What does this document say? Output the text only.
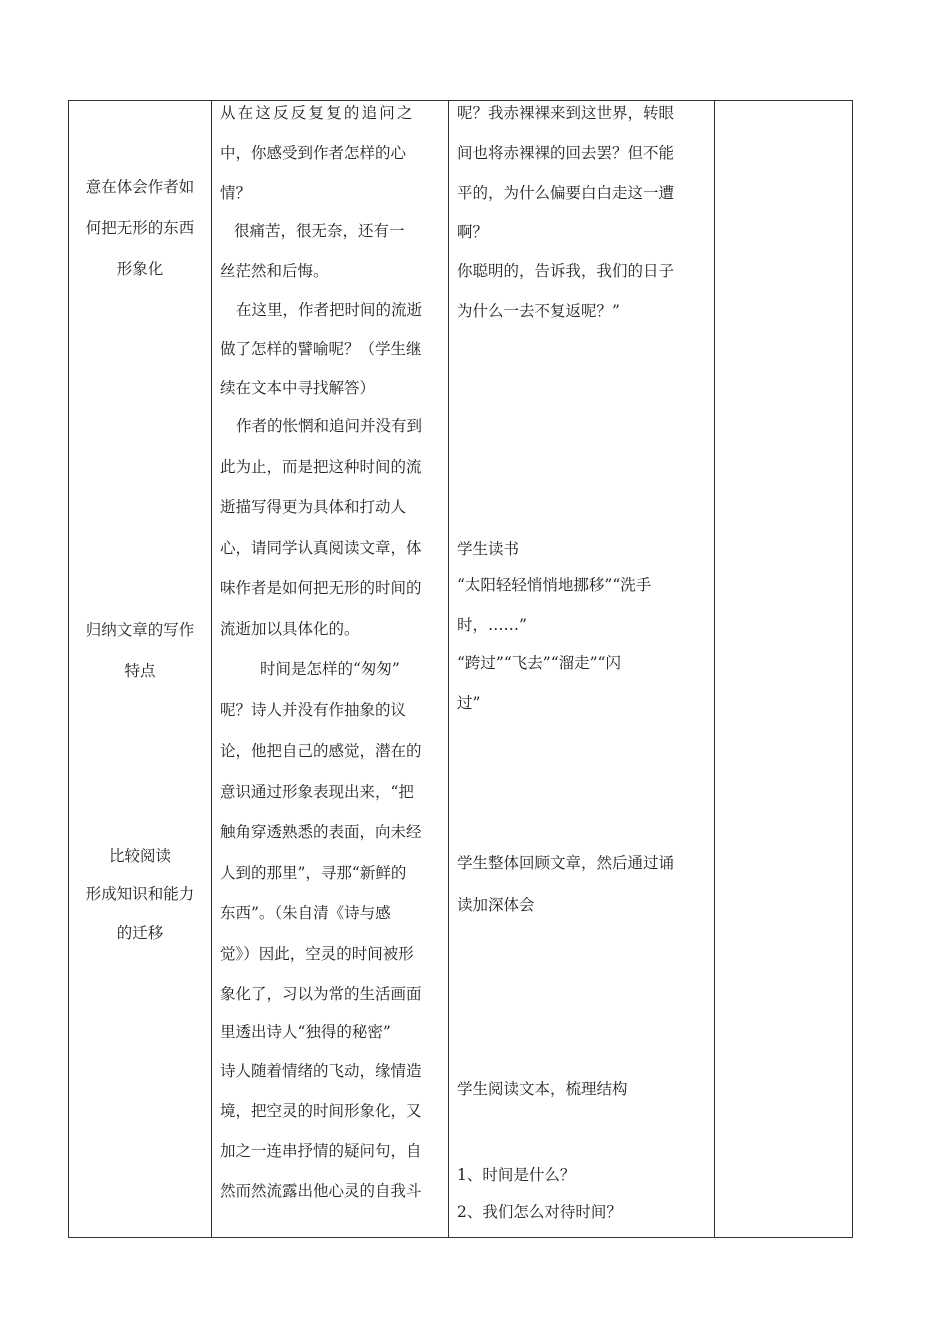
意在体会作者如
何把无形的东西
形象化
归纳文章的写作
特点
比较阅读
形成知识和能力
的迁移
从在这反反复复的追问之
中，你感受到作者怎样的心
情？
很痛苦，很无奈，还有一
丝茫然和后悔。
在这里，作者把时间的流逝
做了怎样的譬喻呢？（学生继
续在文本中寻找解答）
作者的怅惘和追问并没有到
此为止，而是把这种时间的流
逝描写得更为具体和打动人
心，请同学认真阅读文章，体
味作者是如何把无形的时间的
流逝加以具体化的。
时间是怎样的“匆匆”
呢？诗人并没有作抽象的议
论，他把自己的感觉，潜在的
意识通过形象表现出来，“把
触角穿透熟悉的表面，向未经
人到的那里”，寻那“新鲜的
东西”。（朱自清《诗与感
觉》）因此，空灵的时间被形
象化了，习以为常的生活画面
里透出诗人“独得的秘密”
诗人随着情绪的飞动，缘情造
境，把空灵的时间形象化，又
加之一连串抒情的疑问句，自
然而然流露出他心灵的自我斗
呢？我赤裸裸来到这世界，转眼
间也将赤裸裸的回去罢？但不能
平的，为什么偏要白白走这一遭
啊？
你聪明的，告诉我，我们的日子
为什么一去不复返呢？”
学生读书
“太阳轻轻悄悄地挪移”“洗手
时，……”
“跨过”“飞去”“溜走”“闪
过”
学生整体回顾文章，然后通过诵
读加深体会
学生阅读文本，梳理结构
1、时间是什么？
2、我们怎么对待时间？
